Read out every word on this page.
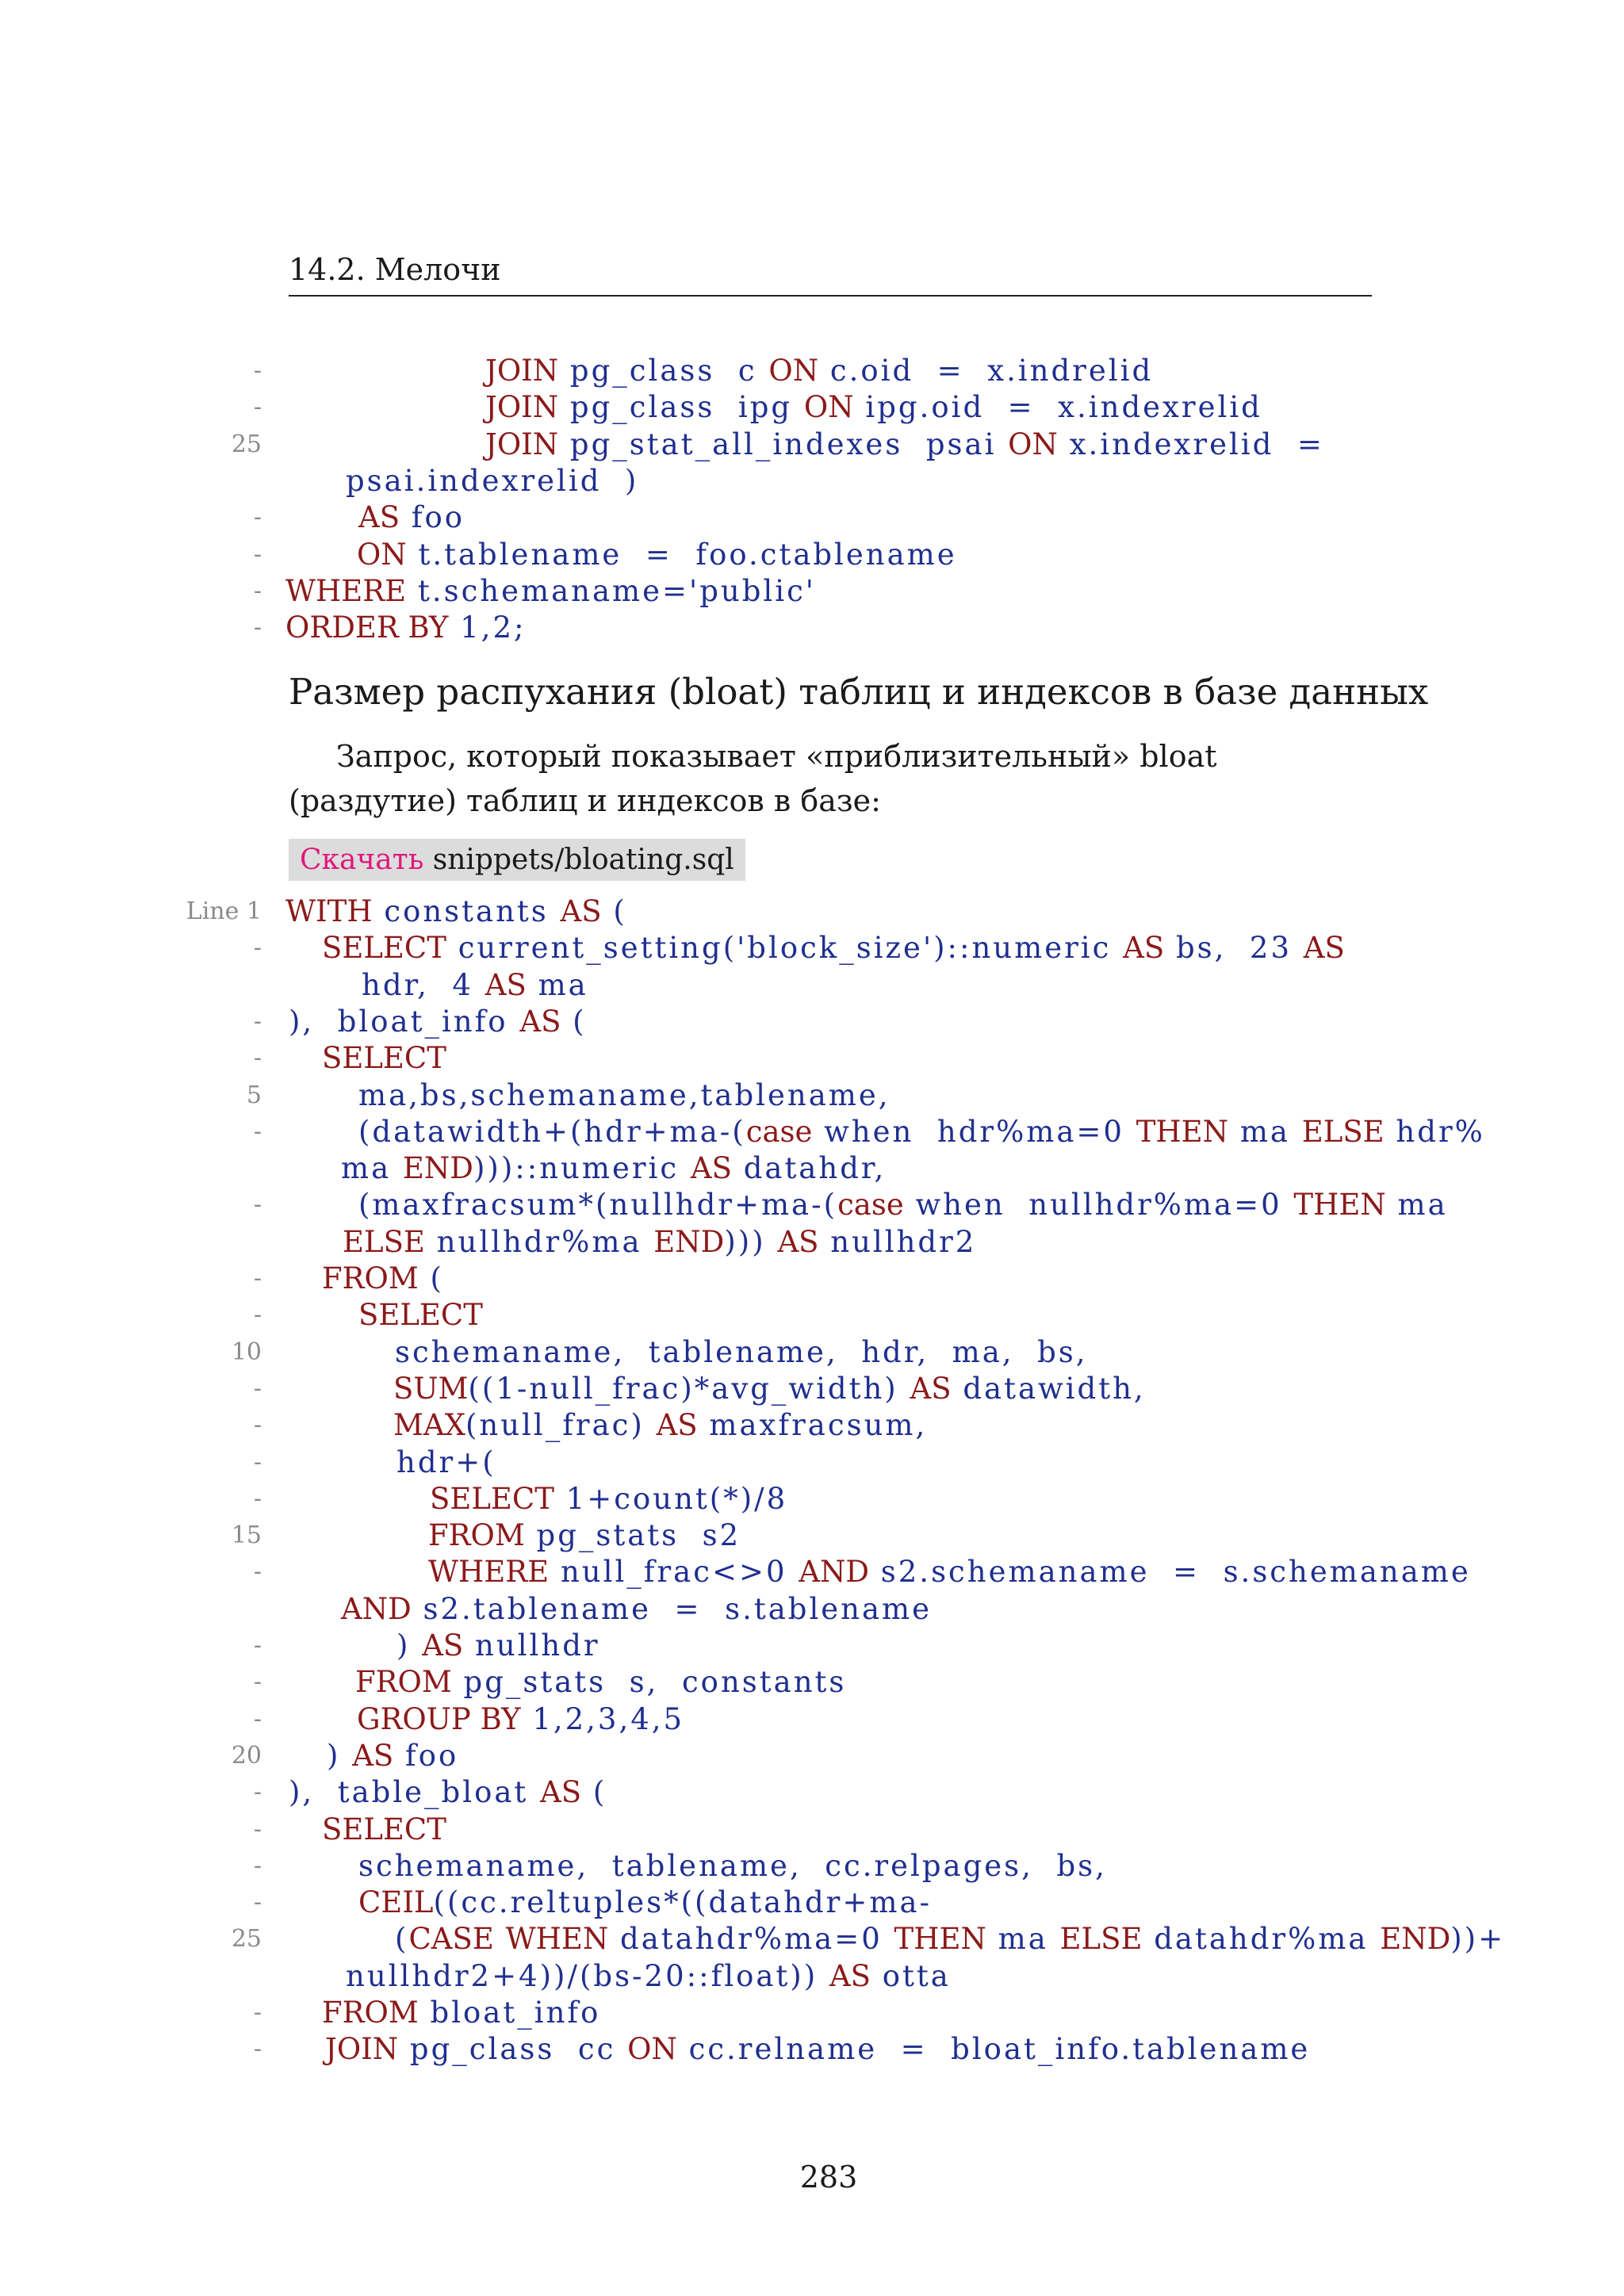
14.2. Мелочи
-	JOIN pg_class  c ON c.oid  =  x.indrelid
-	JOIN pg_class  ipg ON ipg.oid  =  x.indexrelid
25	JOIN pg_stat_all_indexes  psai ON x.indexrelid  =
psai.indexrelid  )
-	AS foo
-	ON t.tablename  =  foo.ctablename
- WHERE t.schemaname='public'
- ORDER BY 1,2;
Размер распухания (bloat) таблиц и индексов в базе данных
Запрос, который показывает «приблизительный» bloat (раздутие) таблиц и индексов в базе:
Скачать snippets/bloating.sql
Line 1 WITH constants AS (
- SELECT current_setting('block_size')::numeric AS bs,  23 AS
hdr,  4 AS ma
- ),  bloat_info AS (
- SELECT
5	ma,bs,schemaname,tablename,
-	(datawidth+(hdr+ma-(case when  hdr%ma=0 THEN ma ELSE hdr%
ma END)))::numeric AS datahdr,
-	(maxfracsum*(nullhdr+ma-(case when  nullhdr%ma=0 THEN ma
ELSE nullhdr%ma END))) AS nullhdr2
- FROM (
-	SELECT
10	schemaname,  tablename,  hdr,  ma,  bs,
-	SUM((1-null_frac)*avg_width) AS datawidth,
-	MAX(null_frac) AS maxfracsum,
-	hdr+(
-	SELECT 1+count(*)/8
15	FROM pg_stats  s2
-	WHERE null_frac<>0 AND s2.schemaname  =  s.schemaname
AND s2.tablename  =  s.tablename
-	) AS nullhdr
-	FROM pg_stats  s,  constants
-	GROUP BY 1,2,3,4,5
20 ) AS foo
- ),  table_bloat AS (
- SELECT
-	schemaname,  tablename,  cc.relpages,  bs,
-	CEIL((cc.reltuples*((datahdr+ma-
25	(CASE WHEN datahdr%ma=0 THEN ma ELSE datahdr%ma END))+
nullhdr2+4))/(bs-20::float)) AS otta
- FROM bloat_info
- JOIN pg_class  cc ON cc.relname  =  bloat_info.tablename
283
